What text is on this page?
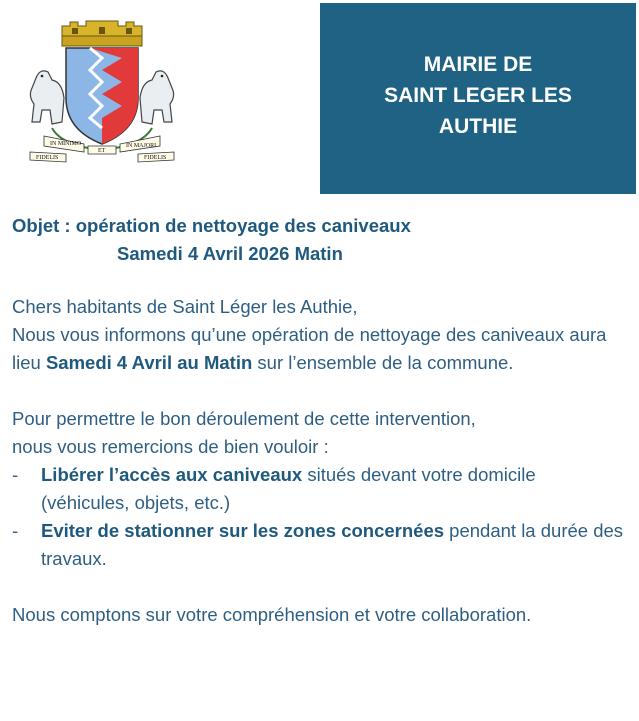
IN MINIMO
ET
IN MAJORI
FIDELIS	FIDELIS
MAIRIE DE
SAINT LEGER LES
AUTHIE
Objet : opération de nettoyage des caniveaux
Samedi 4 Avril 2026 Matin

Chers habitants de Saint Léger les Authie,

Nous vous informons qu’une opération de nettoyage des caniveaux aura lieu Samedi 4 Avril au Matin sur l’ensemble de la commune.

Pour permettre le bon déroulement de cette intervention,

nous vous remercions de bien vouloir :

- Libérer l’accès aux caniveaux situés devant votre domicile (véhicules, objets, etc.)
- Eviter de stationner sur les zones concernées pendant la durée des travaux.

Nous comptons sur votre compréhension et votre collaboration.
